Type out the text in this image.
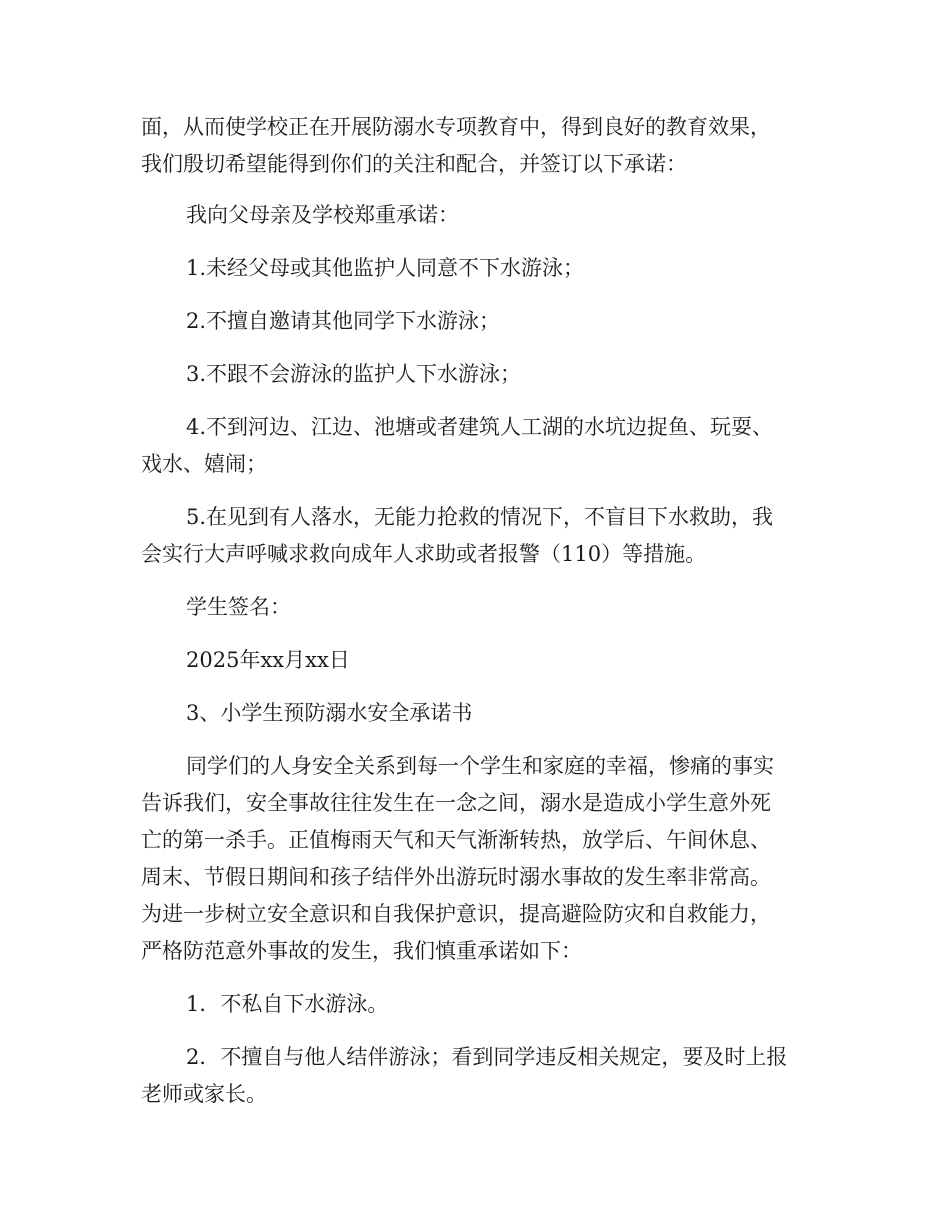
面，从而使学校正在开展防溺水专项教育中，得到良好的教育效果，
我们殷切希望能得到你们的关注和配合，并签订以下承诺：
我向父母亲及学校郑重承诺：
1.未经父母或其他监护人同意不下水游泳；
2.不擅自邀请其他同学下水游泳；
3.不跟不会游泳的监护人下水游泳；
4.不到河边、江边、池塘或者建筑人工湖的水坑边捉鱼、玩耍、
戏水、嬉闹；
5.在见到有人落水，无能力抢救的情况下，不盲目下水救助，我
会实行大声呼喊求救向成年人求助或者报警（110）等措施。
学生签名：
2025年xx月xx日
3、小学生预防溺水安全承诺书
同学们的人身安全关系到每一个学生和家庭的幸福，惨痛的事实
告诉我们，安全事故往往发生在一念之间，溺水是造成小学生意外死
亡的第一杀手。正值梅雨天气和天气渐渐转热，放学后、午间休息、
周末、节假日期间和孩子结伴外出游玩时溺水事故的发生率非常高。
为进一步树立安全意识和自我保护意识，提高避险防灾和自救能力，
严格防范意外事故的发生，我们慎重承诺如下：
1．不私自下水游泳。
2．不擅自与他人结伴游泳；看到同学违反相关规定，要及时上报
老师或家长。
